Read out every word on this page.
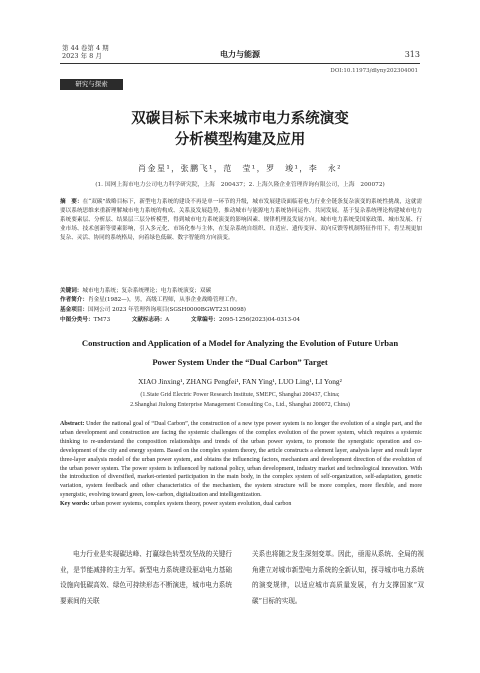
第 44 卷第 4 期
2023 年 8 月	电力与能源	313
DOI:10.11973/dlyny202304001
研究与探索
双碳目标下未来城市电力系统演变
分析模型构建及应用
肖金星¹，张鹏飞¹，范　莹¹，罗　竣¹，李　永²
(1. 国网上海市电力公司电力科学研究院，上海　200437；2. 上海久隆企业管理咨询有限公司，上海　200072)
摘　要：在“双碳”战略目标下，新型电力系统的建设不再是单一环节的升级，城市发展建设面临着电力行业全链条复杂演变的系统性挑战，这就需要以系统思维来重新理解城市电力系统的构成、关系及发展趋势，推动城市与能源电力系统协同运作、共同发展。基于复杂系统理论构建城市电力系统要素层、分析层、结果层三层分析模型，得到城市电力系统演变的影响因素、规律机理及发展方向。城市电力系统受国家政策、城市发展、行业市场、技术创新等要素影响，引入多元化、市场化参与主体，在复杂系统自组织、自适应、遗传变异、双向反馈等机制特征作用下，将呈现更加复杂、灵活、协同的系统格局，向着绿色低碳、数字智能的方向演变。
关键词：城市电力系统；复杂系统理论；电力系统演变；双碳
作者简介：肖金星(1982—)，男，高级工程师，从事企业战略管理工作。
基金项目：国网公司 2023 年管理咨询项目(SGSH0000BGWT2310098)
中图分类号：TM73	文献标志码：A	文章编号：2095-1256(2023)04-0313-04
Construction and Application of a Model for Analyzing the Evolution of Future Urban
Power System Under the “Dual Carbon” Target
XIAO Jinxing¹, ZHANG Pengfei¹, FAN Ying¹, LUO Ling¹, LI Yong²
(1.State Grid Electric Power Research Institute, SMEPC, Shanghai 200437, China;
2.Shanghai Jiulong Enterprise Management Consulting Co., Ltd., Shanghai 200072, China)
Abstract: Under the national goal of “Dual Carbon”, the construction of a new type power system is no longer the evolution of a single part, and the urban development and construction are facing the systemic challenges of the complex evolution of the power system, which requires a systemic thinking to re-understand the composition relationships and trends of the urban power system, to promote the synergistic operation and co-development of the city and energy system. Based on the complex system theory, the article constructs a element layer, analysis layer and result layer three-layer analysis model of the urban power system, and obtains the influencing factors, mechanism and development direction of the evolution of the urban power system. The power system is influenced by national policy, urban development, industry market and technological innovation. With the introduction of diversified, market-oriented participation in the main body, in the complex system of self-organization, self-adaptation, genetic variation, system feedback and other characteristics of the mechanism, the system structure will be more complex, more flexible, and more synergistic, evolving toward green, low-carbon, digitalization and intelligentization.
Key words: urban power systems, complex system theory, power system evolution, dual carbon
电力行业是实现碳达峰、打赢绿色转型攻坚战的关键行业，是节能减排的主力军。新型电力系统建设驱动电力基础设施向低碳高效、绿色可持续形态不断演进，城市电力系统要素间的关联
关系也将随之发生深刻变革。因此，亟需从系统、全局的视角建立对城市新型电力系统的全新认知，探寻城市电力系统的演变规律，以适应城市高质量发展，有力支撑国家“双碳”目标的实现。
